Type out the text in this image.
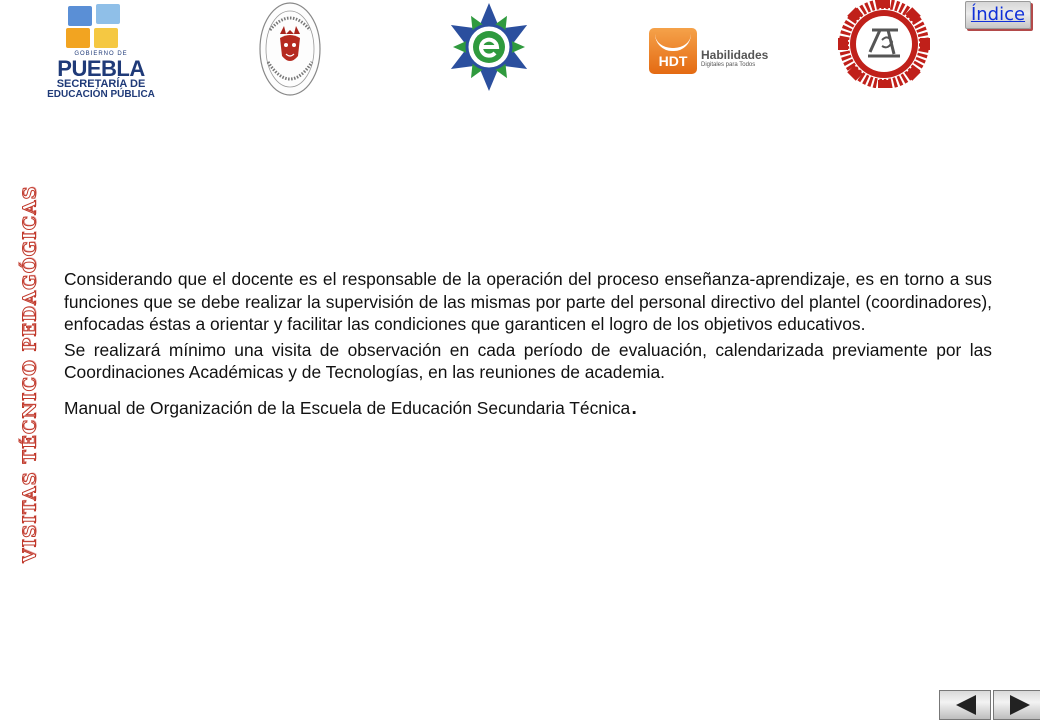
GOBIERNO DE
PUEBLA
SECRETARÍA DE
EDUCACIÓN PÚBLICA
HDT	Habilidades
Digitales para Todos
Índice
VISITAS TÉCNICO PEDAGÓGICAS Considerando que el docente es el responsable de la operación del proceso enseñanza-aprendizaje, es en torno a sus funciones que se debe realizar la supervisión de las mismas por parte del personal directivo del plantel (coordinadores), enfocadas éstas a orientar y facilitar las condiciones que garanticen el logro de los objetivos educativos.

Se realizará mínimo una visita de observación en cada período de evaluación, calendarizada previamente por las Coordinaciones Académicas y de Tecnologías, en las reuniones de academia.

Manual de Organización de la Escuela de Educación Secundaria Técnica.
